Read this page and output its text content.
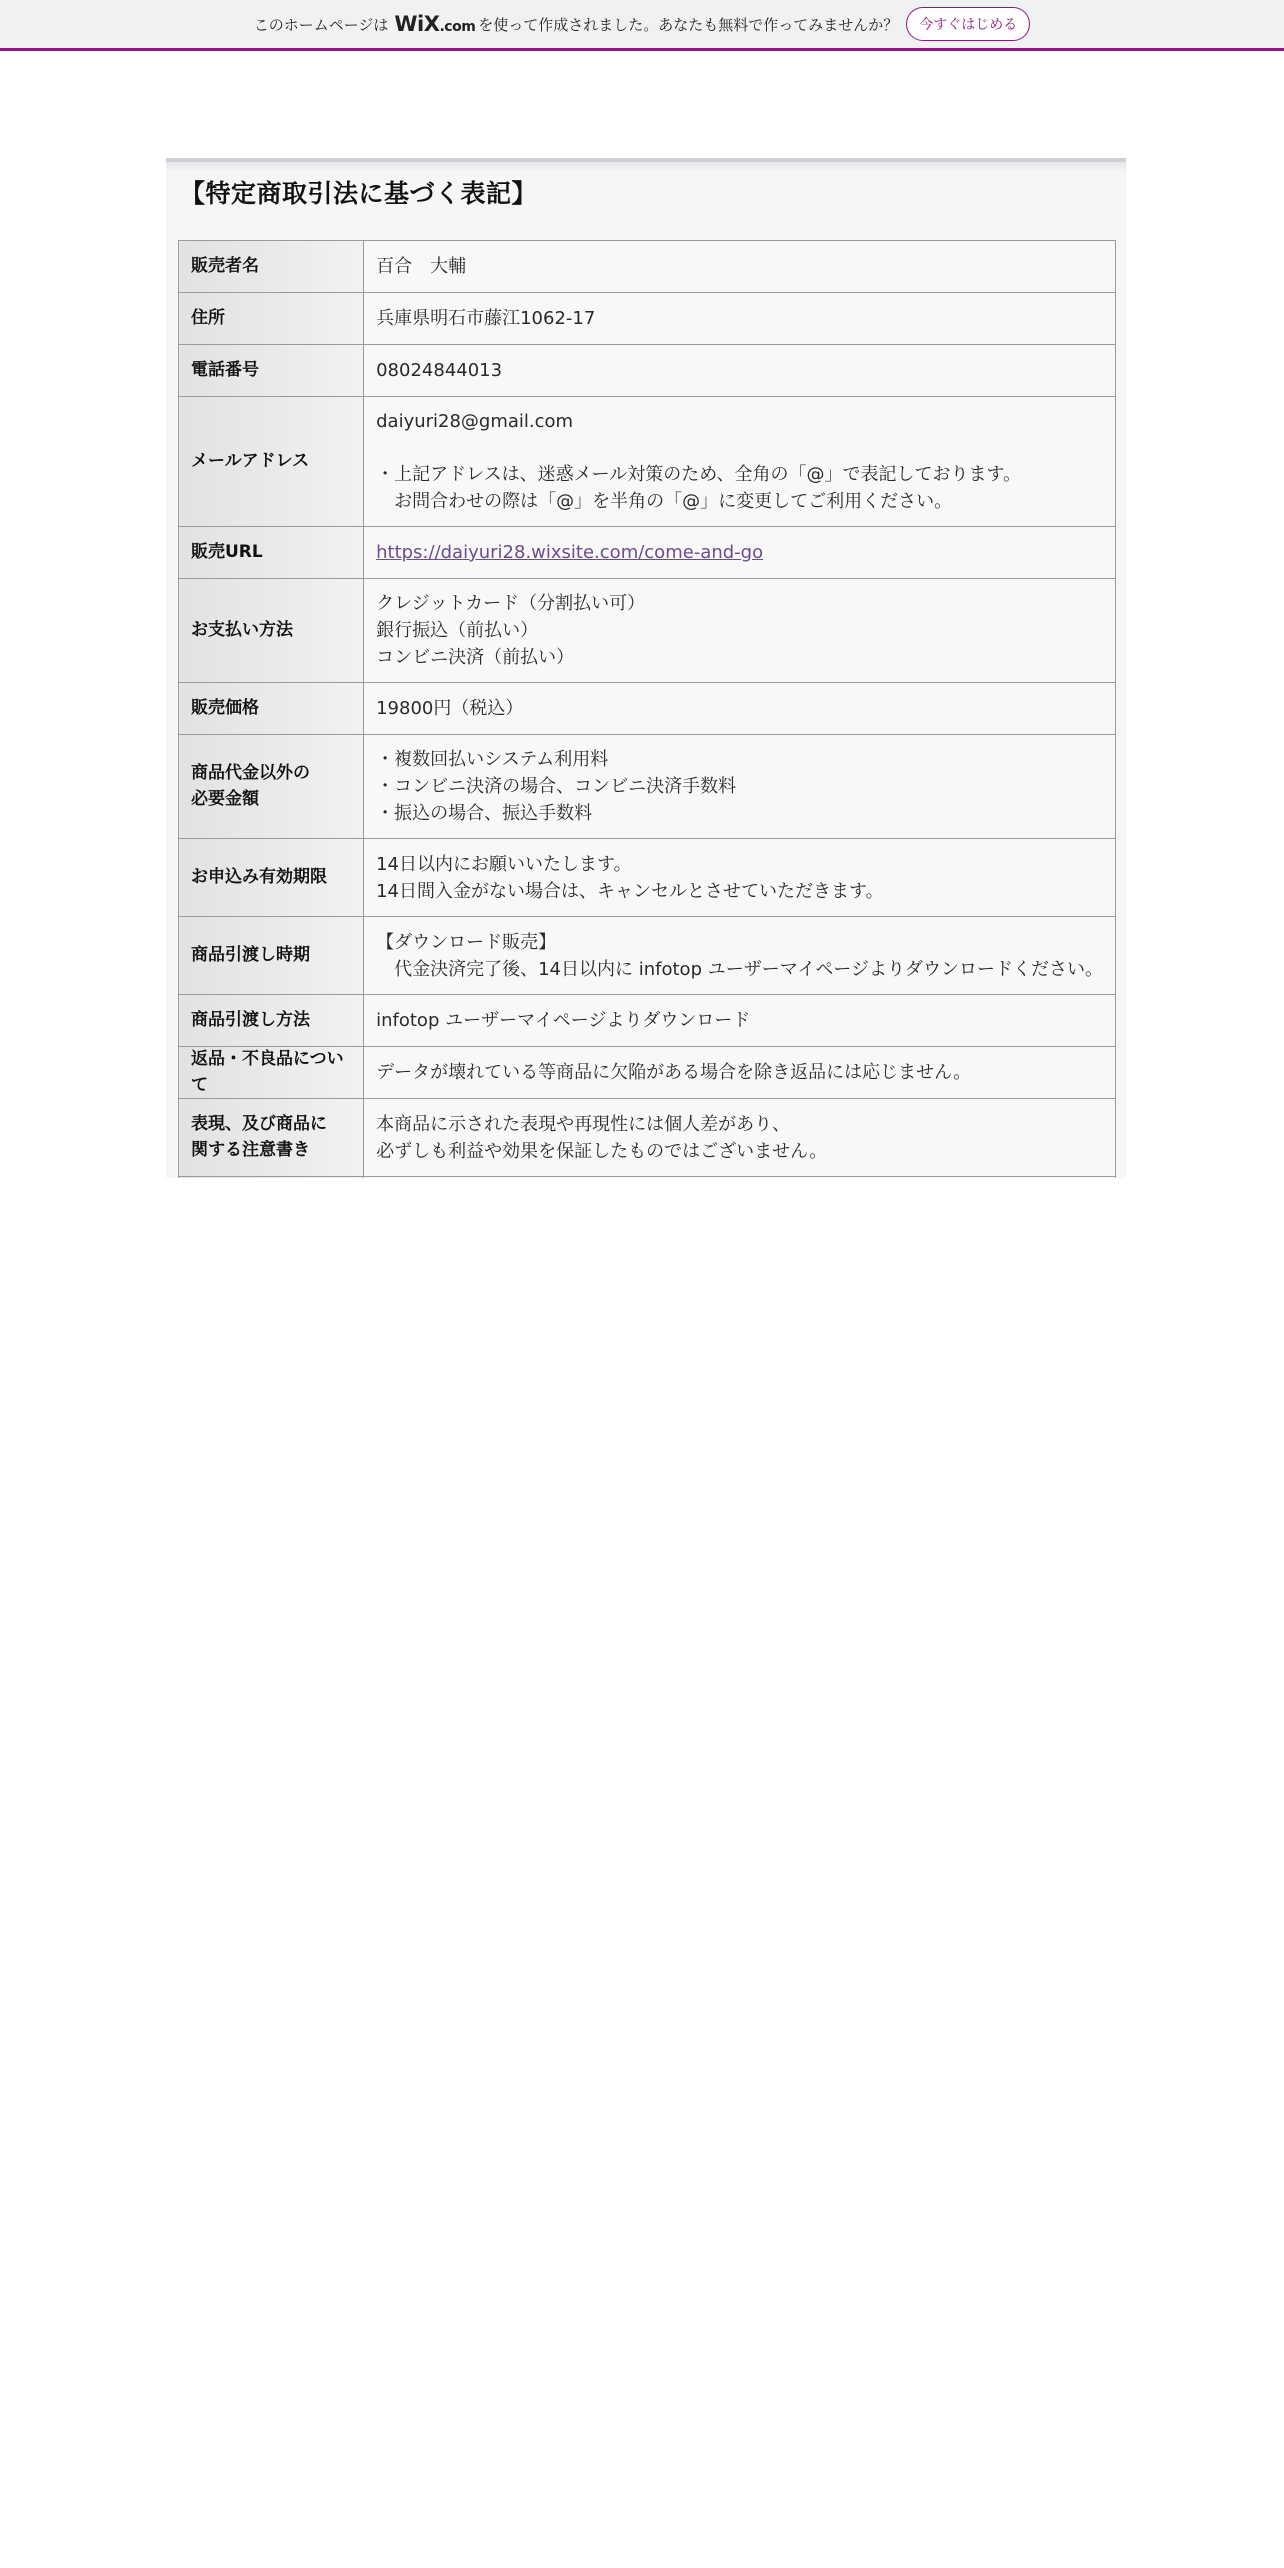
このホームページは WiX.com を使って作成されました。あなたも無料で作ってみませんか？	今すぐはじめる
【特定商取引法に基づく表記】
販売者名	百合　大輔

住所	兵庫県明石市藤江1062-17

電話番号	08024844013

メールアドレス	daiyuri28@gmail.com
・上記アドレスは、迷惑メール対策のため、全角の「@」で表記しております。
　お問合わせの際は「@」を半角の「@」に変更してご利用ください。

販売URL	https://daiyuri28.wixsite.com/come-and-go

お支払い方法	クレジットカード（分割払い可）
銀行振込（前払い）
コンビニ決済（前払い）

販売価格	19800円（税込）

商品代金以外の
必要金額	・複数回払いシステム利用料
・コンビニ決済の場合、コンビニ決済手数料
・振込の場合、振込手数料

お申込み有効期限	14日以内にお願いいたします。
14日間入金がない場合は、キャンセルとさせていただきます。

商品引渡し時期	【ダウンロード販売】
　代金決済完了後、14日以内に infotop ユーザーマイページよりダウンロードください。

商品引渡し方法	infotop ユーザーマイページよりダウンロード

返品・不良品について	データが壊れている等商品に欠陥がある場合を除き返品には応じません。

表現、及び商品に
関する注意書き	本商品に示された表現や再現性には個人差があり、
必ずしも利益や効果を保証したものではございません。
